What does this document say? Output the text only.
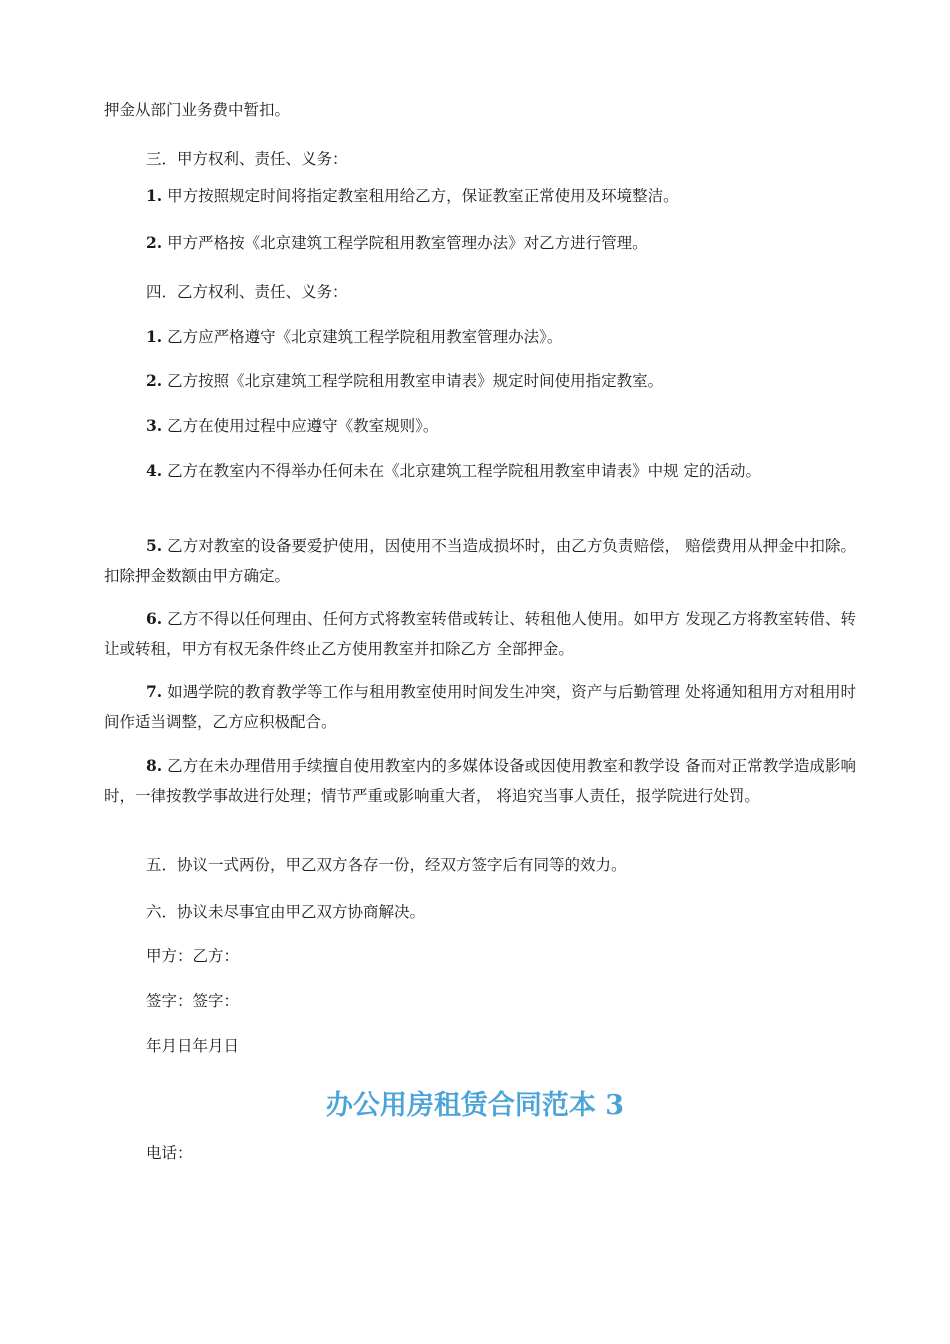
押金从部门业务费中暂扣。

三．甲方权利、责任、义务：

1. 甲方按照规定时间将指定教室租用给乙方，保证教室正常使用及环境整洁。

2. 甲方严格按《北京建筑工程学院租用教室管理办法》对乙方进行管理。

四．乙方权利、责任、义务：

1. 乙方应严格遵守《北京建筑工程学院租用教室管理办法》。

2. 乙方按照《北京建筑工程学院租用教室申请表》规定时间使用指定教室。

3. 乙方在使用过程中应遵守《教室规则》。

4. 乙方在教室内不得举办任何未在《北京建筑工程学院租用教室申请表》中规 定的活动。

5. 乙方对教室的设备要爱护使用，因使用不当造成损坏时，由乙方负责赔偿， 赔偿费用从押金中扣除。扣除押金数额由甲方确定。

6. 乙方不得以任何理由、任何方式将教室转借或转让、转租他人使用。如甲方 发现乙方将教室转借、转让或转租，甲方有权无条件终止乙方使用教室并扣除乙方 全部押金。

7. 如遇学院的教育教学等工作与租用教室使用时间发生冲突，资产与后勤管理 处将通知租用方对租用时间作适当调整，乙方应积极配合。

8. 乙方在未办理借用手续擅自使用教室内的多媒体设备或因使用教室和教学设 备而对正常教学造成影响时，一律按教学事故进行处理；情节严重或影响重大者， 将追究当事人责任，报学院进行处罚。

五．协议一式两份，甲乙双方各存一份，经双方签字后有同等的效力。

六．协议未尽事宜由甲乙双方协商解决。

甲方：乙方：

签字：签字：

年月日年月日

办公用房租赁合同范本 3

电话：
